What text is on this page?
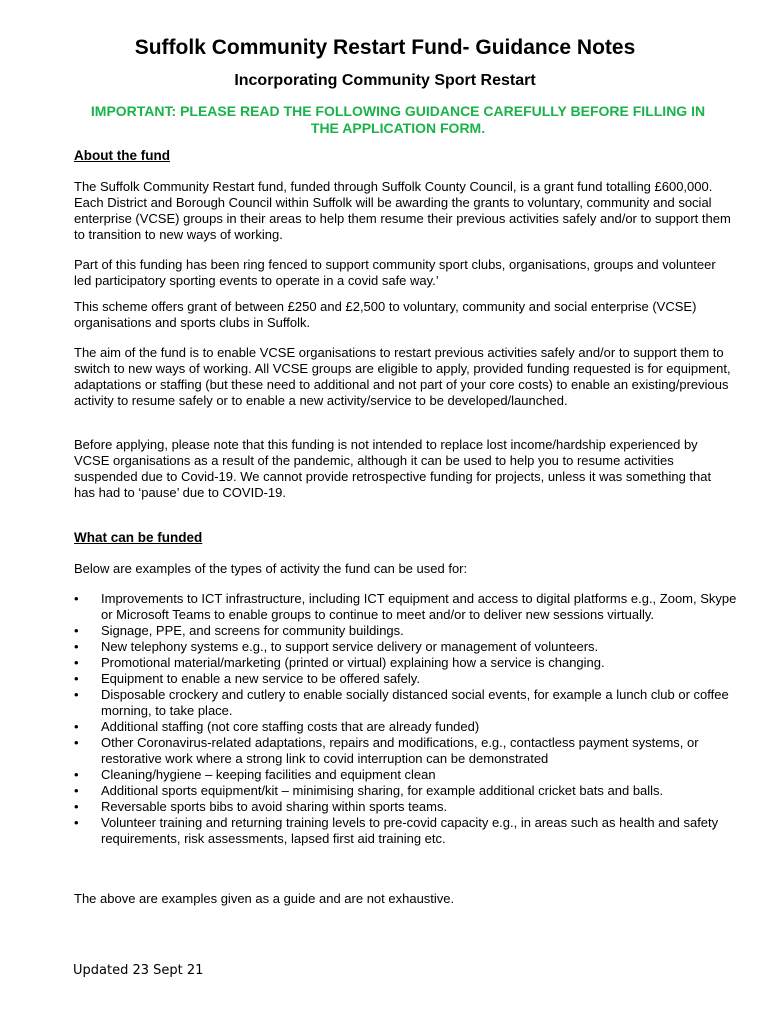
Suffolk Community Restart Fund- Guidance Notes
Incorporating Community Sport Restart

IMPORTANT: PLEASE READ THE FOLLOWING GUIDANCE CAREFULLY BEFORE FILLING IN THE APPLICATION FORM.

About the fund

The Suffolk Community Restart fund, funded through Suffolk County Council, is a grant fund totalling £600,000. Each District and Borough Council within Suffolk will be awarding the grants to voluntary, community and social enterprise (VCSE) groups in their areas to help them resume their previous activities safely and/or to support them to transition to new ways of working.

Part of this funding has been ring fenced to support community sport clubs, organisations, groups and volunteer led participatory sporting events to operate in a covid safe way.’

This scheme offers grant of between £250 and £2,500 to voluntary, community and social enterprise (VCSE) organisations and sports clubs in Suffolk.

The aim of the fund is to enable VCSE organisations to restart previous activities safely and/or to support them to switch to new ways of working. All VCSE groups are eligible to apply, provided funding requested is for equipment, adaptations or staffing (but these need to additional and not part of your core costs) to enable an existing/previous activity to resume safely or to enable a new activity/service to be developed/launched.

Before applying, please note that this funding is not intended to replace lost income/hardship experienced by VCSE organisations as a result of the pandemic, although it can be used to help you to resume activities suspended due to Covid-19. We cannot provide retrospective funding for projects, unless it was something that has had to ‘pause’ due to COVID-19.

What can be funded

Below are examples of the types of activity the fund can be used for:

• Improvements to ICT infrastructure, including ICT equipment and access to digital platforms e.g., Zoom, Skype or Microsoft Teams to enable groups to continue to meet and/or to deliver new sessions virtually.
• Signage, PPE, and screens for community buildings.
• New telephony systems e.g., to support service delivery or management of volunteers.
• Promotional material/marketing (printed or virtual) explaining how a service is changing.
• Equipment to enable a new service to be offered safely.
• Disposable crockery and cutlery to enable socially distanced social events, for example a lunch club or coffee morning, to take place.
• Additional staffing (not core staffing costs that are already funded)
• Other Coronavirus-related adaptations, repairs and modifications, e.g., contactless payment systems, or restorative work where a strong link to covid interruption can be demonstrated
• Cleaning/hygiene – keeping facilities and equipment clean
• Additional sports equipment/kit – minimising sharing, for example additional cricket bats and balls.
• Reversable sports bibs to avoid sharing within sports teams.
• Volunteer training and returning training levels to pre-covid capacity e.g., in areas such as health and safety requirements, risk assessments, lapsed first aid training etc.

The above are examples given as a guide and are not exhaustive.

Updated 23 Sept 21
